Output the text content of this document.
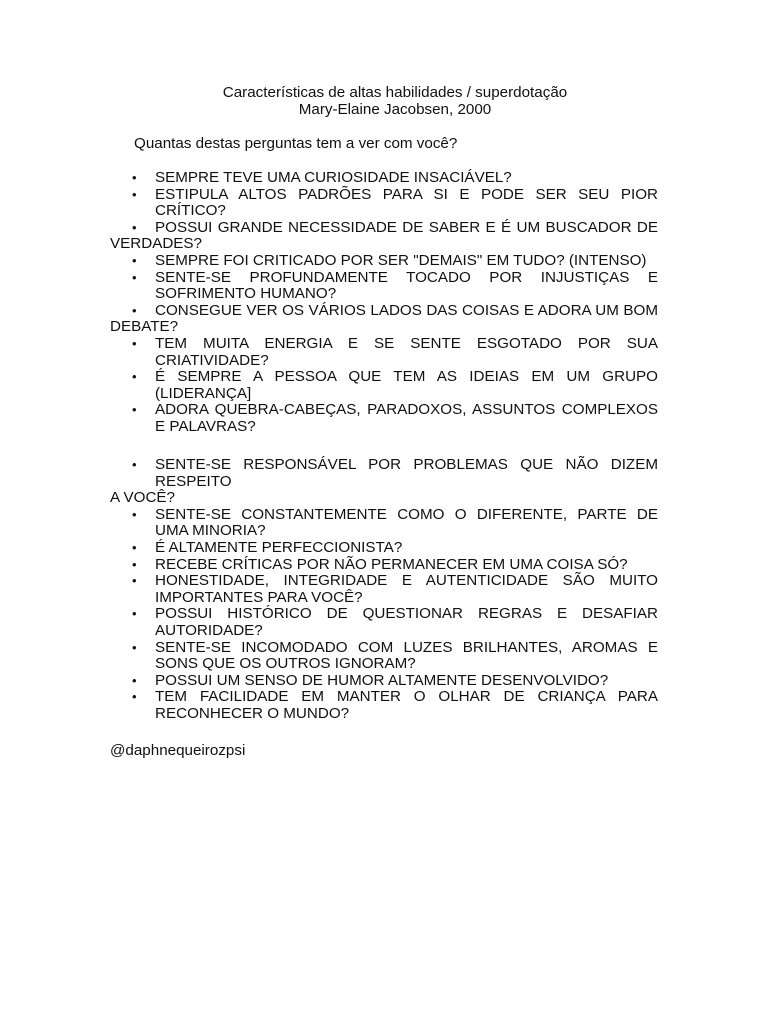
Características de altas habilidades / superdotação
Mary-Elaine Jacobsen, 2000
Quantas destas perguntas tem a ver com você?
• SEMPRE TEVE UMA CURIOSIDADE INSACIÁVEL?
• ESTIPULA ALTOS PADRÕES PARA SI E PODE SER SEU PIOR CRÍTICO?
•	POSSUI GRANDE NECESSIDADE DE SABER E É UM BUSCADOR DE VERDADES?
• SEMPRE FOI CRITICADO POR SER "DEMAIS" EM TUDO? (INTENSO)
• SENTE-SE PROFUNDAMENTE TOCADO POR INJUSTIÇAS E SOFRIMENTO HUMANO?
•	CONSEGUE VER OS VÁRIOS LADOS DAS COISAS E ADORA UM BOM DEBATE?
• TEM MUITA ENERGIA E SE SENTE ESGOTADO POR SUA CRIATIVIDADE?
• É SEMPRE A PESSOA QUE TEM AS IDEIAS EM UM GRUPO (LIDERANÇA]
• ADORA QUEBRA-CABEÇAS, PARADOXOS, ASSUNTOS COMPLEXOS E PALAVRAS?
• SENTE-SE RESPONSÁVEL POR PROBLEMAS QUE NÃO DIZEM RESPEITO
A VOCÊ?
• SENTE-SE CONSTANTEMENTE COMO O DIFERENTE, PARTE DE UMA MINORIA?
• É ALTAMENTE PERFECCIONISTA?
• RECEBE CRÍTICAS POR NÃO PERMANECER EM UMA COISA SÓ?
• HONESTIDADE, INTEGRIDADE E AUTENTICIDADE SÃO MUITO IMPORTANTES PARA VOCÊ?
• POSSUI HISTÓRICO DE QUESTIONAR REGRAS E DESAFIAR AUTORIDADE?
• SENTE-SE INCOMODADO COM LUZES BRILHANTES, AROMAS E SONS QUE OS OUTROS IGNORAM?
• POSSUI UM SENSO DE HUMOR ALTAMENTE DESENVOLVIDO?
• TEM FACILIDADE EM MANTER O OLHAR DE CRIANÇA PARA RECONHECER O MUNDO?
@daphnequeirozpsi
